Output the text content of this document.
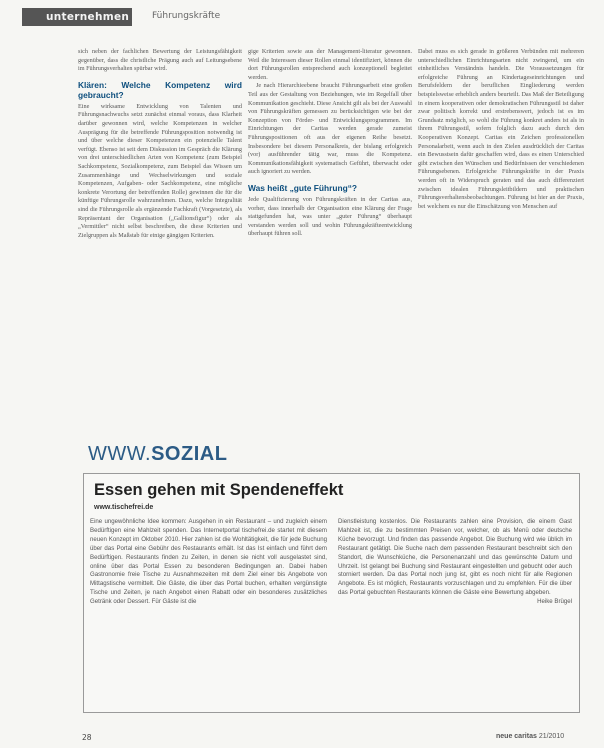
unternehmen	Führungskräfte

sich neben der fachlichen Bewertung der Leistungsfähigkeit gegenüber, dass die christliche Prägung auch auf Leitungsebene im Führungsverhalten spürbar wird.

Klären: Welche Kompetenz wird gebraucht?

Eine wirksame Entwicklung von Talenten und Führungsnachwuchs setzt zunächst einmal voraus, dass Klarheit darüber gewonnen wird, welche Kompetenzen in welcher Ausprägung für die betreffende Führungsposition notwendig ist und über welche dieser Kompetenzen ein potenzielle Talent verfügt. Ebenso ist seit dem Diskussion im Gespräch die Klärung von drei unterschiedlichen Arten von Kompetenz (zum Beispiel Sachkompetenz, Sozialkompetenz, zum Beispiel das Wissen um Zusammenhänge und Wechselwirkungen und soziale Kompetenzen, Aufgaben- oder Sachkompetenz, eine mögliche konkrete Verortung der betreffenden Rolle) gewinnen die für die künftige Führungsrolle wahrzunehmen. Dazu, welche Integralität sind die Führungsrolle als ergänzende Fachkraft (Vorgesetzte), als Repräsentant der Organisation („Gallionsfigur“) oder als „Vermittler“ nicht selbst beschreiben, die diese Kriterien und Zielgruppen als Maßstab für einige gängigen Kriterien.

gige Kriterien sowie aus der Management-literatur gewonnen. Weil die Interessen dieser Rollen einmal identifiziert, können die dort Führungsrollen entsprechend auch konzeptionell begleitet werden.

Je nach Hierarchieebene braucht Führungsarbeit eine großen Teil aus der Gestaltung von Beziehungen, wie im Regelfall über Kommunikation geschieht. Diese Ansicht gilt als bei der Auswahl von Führungskräften gemessen zu berücksichtigen wie bei der Konzeption von Förder- und Entwicklungsprogrammen. Im Einrichtungen der Caritas werden gerade zumeist Führungspositionen oft aus der eigenen Reihe besetzt. Insbesondere bei diesem Personalkreis, der bislang erfolgreich (vor) ausführender tätig war, muss die Kompetenz. Kommunikationsfähigkeit systematisch Geführt, überwacht oder auch ignoriert zu werden.

Was heißt „gute Führung“?

Jede Qualifizierung von Führungskräften in der Caritas aus, vorher, dass innerhalb der Organisation eine Klärung der Frage stattgefunden hat, was unter „guter Führung“ überhaupt verstanden werden soll und wohin Führungskräfteentwicklung überhaupt führen soll.

Dabei muss es sich gerade in größeren Verbünden mit mehreren unterschiedlichen Einrichtungsarten nicht zwingend, um ein einheitliches Verständnis handeln. Die Voraussetzungen für erfolgreiche Führung an Kindertageseinrichtungen und Berufsfeldern der beruflichen Eingliederung werden beispielsweise erheblich anders beurteilt. Das Maß der Beteiligung in einem kooperativen oder demokratischen Führungsstil ist daher zwar politisch korrekt und erstrebenswert, jedoch ist es im Grundsatz möglich, so wohl die Führung konkret anders ist als in ihrem Führungsstil, sofern folglich dazu auch durch den Kooperativen Konzept. Caritas ein Zeichen professionellen Personalarbeit, wenn auch in den Zielen ausdrücklich der Caritas ein Bewusstsein dafür geschaffen wird, dass es einen Unterschied gibt zwischen den Wünschen und Bedürfnissen der verschiedenen Führungsebenen. Erfolgreiche Führungskräfte in der Praxis werden oft in Widerspruch geraten und das auch differenziert zwischen idealen Führungsleitbildern und praktischen Führungsverhaltensbeobachtungen. Führung ist hier an der Praxis, bei welchem es nur die Einschätzung von Menschen auf

WWW.SOZIAL
Essen gehen mit Spendeneffekt
www.tischefrei.de
Eine ungewöhnliche Idee kommen: Ausgehen in ein Restaurant – und zugleich einem Bedürftigen eine Mahlzeit spenden. Das Internetportal tischefrei.de startet mit diesem neuen Konzept im Oktober 2010. Hier zahlen ist die Wohltätigkeit, die für jede Buchung über das Portal eine Gebühr des Restaurants erhält. Ist das Ist einfach und führt dem Bedürftigen. Restaurants finden zu Zeiten, in denen sie nicht voll ausgelastet sind, online über das Portal Essen zu besonderen Bedingungen an. Dabei haben Gastronomie freie Tische zu Ausnahmezeiten mit dem Ziel einer bis Angebote von Mittagstische vermittelt. Die Gäste, die über das Portal buchen, erhalten vergünstigte Tische und Zeiten, je nach Angebot einen Rabatt oder ein besonderes zusätzliches Getränk oder Dessert. Für Gäste ist die
Dienstleistung kostenlos. Die Restaurants zahlen eine Provision, die einem Gast Mahlzeit ist, die zu bestimmten Preisen vor, welcher, ob als Menü oder deutsche Küche bevorzugt. Und finden das passende Angebot. Die Buchung wird wie üblich im Restaurant getätigt. Die Suche nach dem passenden Restaurant beschreibt sich den Standort, die Wunschküche, die Personenanzahl und das gewünschte Datum und Uhrzeit. Ist gelangt bei Buchung sind Restaurant eingestellten und gebucht oder auch storniert werden. Da das Portal noch jung ist, gibt es noch nicht für alle Regionen Angebote. Es ist möglich, Restaurants vorzuschlagen und zu empfehlen. Für die über das Portal gebuchten Restaurants können die Gäste eine Bewertung abgeben.
Heike Brügel
28	neue caritas 21/2010
